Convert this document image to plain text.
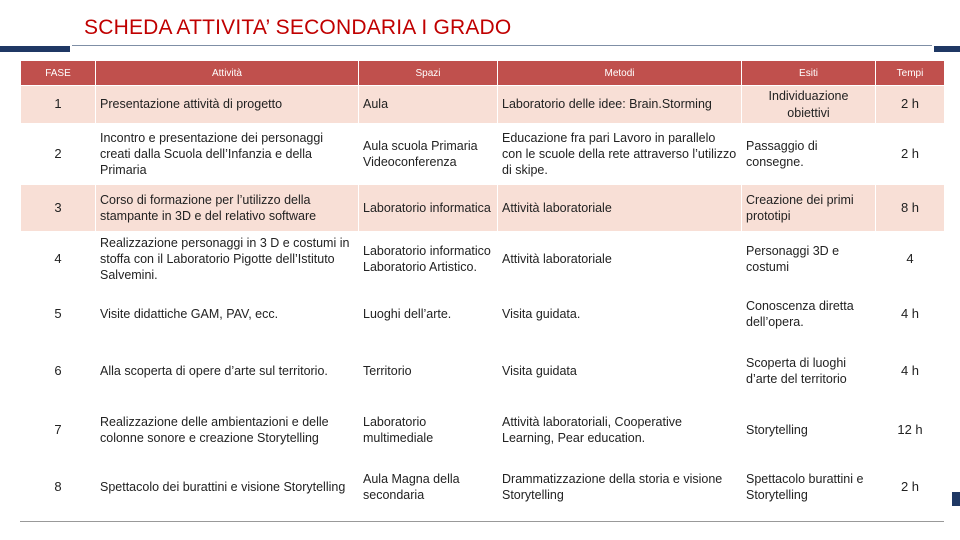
SCHEDA ATTIVITA’ SECONDARIA I GRADO
FASE	Attività	Spazi	Metodi	Esiti	Tempi
1	Presentazione attività di progetto	Aula	Laboratorio delle idee: Brain.Storming	Individuazione obiettivi	2 h
2	Incontro e presentazione dei personaggi creati dalla Scuola dell’Infanzia e della Primaria	Aula scuola Primaria Videoconferenza	Educazione fra pari Lavoro in parallelo con le scuole della rete attraverso l’utilizzo di skipe.	Passaggio di consegne.	2 h
3	Corso di formazione per l’utilizzo della stampante in 3D e del relativo software	Laboratorio informatica	Attività laboratoriale	Creazione dei primi prototipi	8 h
4	Realizzazione personaggi in 3 D e costumi in stoffa con il Laboratorio Pigotte dell’Istituto Salvemini.	Laboratorio informatico Laboratorio Artistico.	Attività laboratoriale	Personaggi 3D e costumi	4
5	Visite didattiche GAM, PAV, ecc.	Luoghi dell’arte.	Visita guidata.	Conoscenza diretta dell’opera.	4 h
6	Alla scoperta di opere d’arte sul territorio.	Territorio	Visita guidata	Scoperta di luoghi d’arte del territorio	4 h
7	Realizzazione delle ambientazioni e delle colonne sonore e creazione Storytelling	Laboratorio multimediale	Attività laboratoriali, Cooperative Learning, Pear education.	Storytelling	12 h
8	Spettacolo dei burattini e visione Storytelling	Aula Magna della secondaria	Drammatizzazione della storia e visione Storytelling	Spettacolo burattini e Storytelling	2 h
